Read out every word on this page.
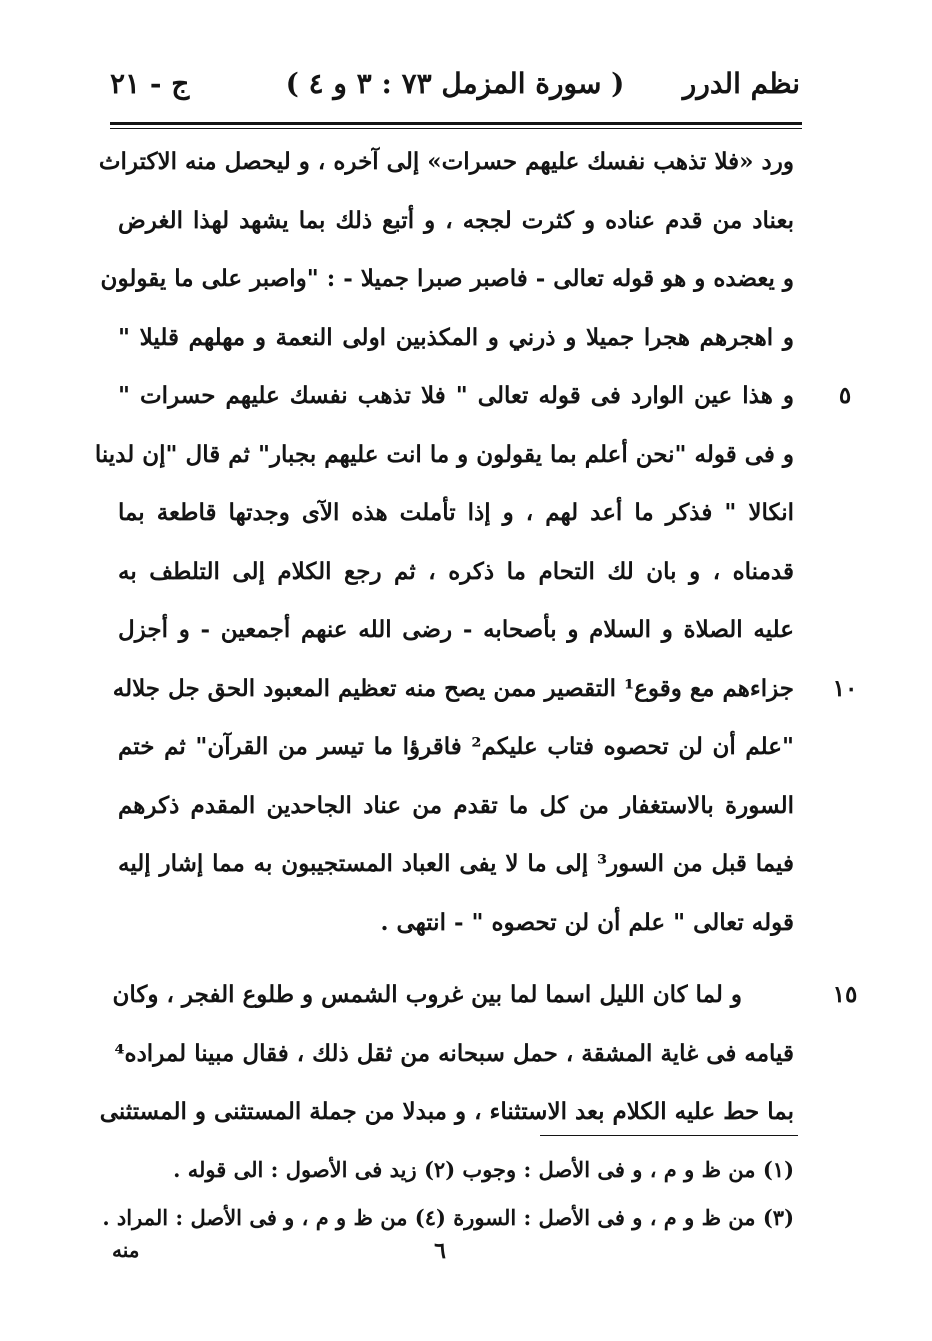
نظم الدرر
( سورة المزمل ٧٣ : ٣ و ٤ )
ج - ٢١
ورد «فلا تذهب نفسك عليهم حسرات» إلى آخره ، و ليحصل منه الاكتراث
بعناد من قدم عناده و كثرت لججه ، و أتبع ذلك بما يشهد لهذا الغرض
و يعضده و هو قوله تعالى - فاصبر صبرا جميلا - : "واصبر على ما يقولون
و اهجرهم هجرا جميلا و ذرني و المكذبين اولى النعمة و مهلهم قليلا "
٥
و هذا عين الوارد فى قوله تعالى " فلا تذهب نفسك عليهم حسرات "
و فى قوله "نحن أعلم بما يقولون و ما انت عليهم بجبار" ثم قال "إن لدينا
انكالا " فذكر ما أعد لهم ، و إذا تأملت هذه الآى وجدتها قاطعة بما
قدمناه ، و بان لك التحام ما ذكره ، ثم رجع الكلام إلى التلطف به
عليه الصلاة و السلام و بأصحابه - رضى الله عنهم أجمعين - و أجزل
١٠
جزاءهم مع وقوع¹ التقصير ممن يصح منه تعظيم المعبود الحق جل جلاله
"علم أن لن تحصوه فتاب عليكم² فاقرؤا ما تيسر من القرآن" ثم ختم
السورة بالاستغفار من كل ما تقدم من عناد الجاحدين المقدم ذكرهم
فيما قبل من السور³ إلى ما لا يفى العباد المستجيبون به مما إشار إليه
قوله تعالى " علم أن لن تحصوه " - انتهى .
١٥
و لما كان الليل اسما لما بين غروب الشمس و طلوع الفجر ، وكان
قيامه فى غاية المشقة ، حمل سبحانه من ثقل ذلك ، فقال مبينا لمراده⁴
بما حط عليه الكلام بعد الاستثناء ، و مبدلا من جملة المستثنى و المستثنى
(١) من ظ و م ، و فى الأصل : وجوب (٢) زيد فى الأصول : الى قوله .
(٣) من ظ و م ، و فى الأصل : السورة (٤) من ظ و م ، و فى الأصل : المراد .
٦
منه
